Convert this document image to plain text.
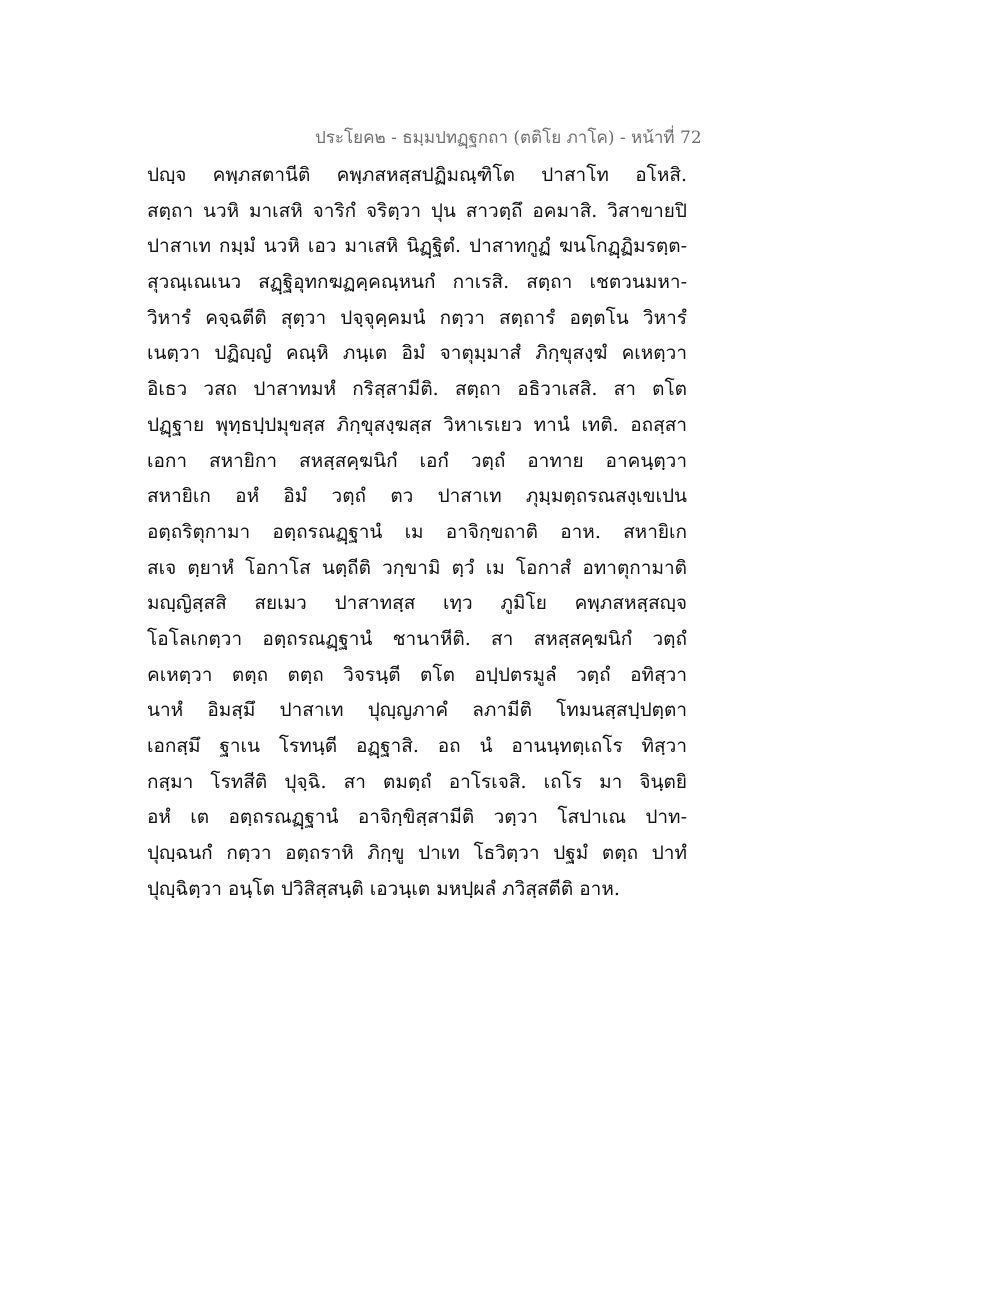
ประโยค๒ - ธมฺมปทฏฺฐกถา (ตติโย ภาโค) - หน้าที่ 72
ปญฺจ คพฺภสตานีติ คพฺภสหสฺสปฏิมณฺฑิโต ปาสาโท อโหสิ.
สตฺถา นวหิ มาเสหิ จาริกํ จริตฺวา ปุน สาวตฺถึ อคมาสิ. วิสาขายปิ
ปาสาเท กมฺมํ นวหิ เอว มาเสหิ นิฏฺฐิตํ. ปาสาทกูฏํ ฆนโกฏฺฏิมรตฺต-
สุวณฺเณเนว สฏฺฐิอุทกฆฏคฺคณฺหนกํ กาเรสิ. สตฺถา เชตวนมหา-
วิหารํ คจฺฉตีติ สุตฺวา ปจฺจุคฺคมนํ กตฺวา สตฺถารํ อตฺตโน วิหารํ
เนตฺวา ปฏิญฺญํ คณฺหิ ภนฺเต อิมํ จาตุมฺมาสํ ภิกฺขุสงฺฆํ คเหตฺวา
อิเธว วสถ ปาสาทมหํ กริสฺสามีติ. สตฺถา อธิวาเสสิ. สา ตโต
ปฏฺฐาย พุทฺธปฺปมุขสฺส ภิกฺขุสงฺฆสฺส วิหาเรเยว ทานํ เทติ. อถสฺสา
เอกา สหายิกา สหสฺสคฺฆนิกํ เอกํ วตฺถํ อาทาย อาคนฺตฺวา
สหายิเก อหํ อิมํ วตฺถํ ตว ปาสาเท ภุมฺมตฺถรณสงฺเขเปน
อตฺถริตุกามา อตฺถรณฏฺฐานํ เม อาจิกฺขถาติ อาห. สหายิเก
สเจ ตฺยาหํ โอกาโส นตฺถีติ วกฺขามิ ตฺวํ เม โอกาสํ อทาตุกามาติ
มญฺญิสฺสสิ สยเมว ปาสาทสฺส เทฺว ภูมิโย คพฺภสหสฺสญฺจ
โอโลเกตฺวา อตฺถรณฏฺฐานํ ชานาหีติ. สา สหสฺสคฺฆนิกํ วตฺถํ
คเหตฺวา ตตฺถ ตตฺถ วิจรนฺตี ตโต อปฺปตรมูลํ วตฺถํ อทิสฺวา
นาหํ อิมสฺมึ ปาสาเท ปุญฺญภาคํ ลภามีติ โทมนสฺสปฺปตฺตา
เอกสฺมึ ฐาเน โรทนฺตี อฏฺฐาสิ. อถ นํ อานนฺทตฺเถโร ทิสฺวา
กสฺมา โรทสีติ ปุจฺฉิ. สา ตมตฺถํ อาโรเจสิ. เถโร มา จินฺตยิ
อหํ เต อตฺถรณฏฺฐานํ อาจิกฺขิสฺสามีติ วตฺวา โสปาเณ ปาท-
ปุญฺฉนกํ กตฺวา อตฺถราหิ ภิกฺขู ปาเท โธวิตฺวา ปฐมํ ตตฺถ ปาทํ
ปุญฺฉิตฺวา อนฺโต ปวิสิสฺสนฺติ เอวนฺเต มหปฺผลํ ภวิสฺสตีติ อาห.
